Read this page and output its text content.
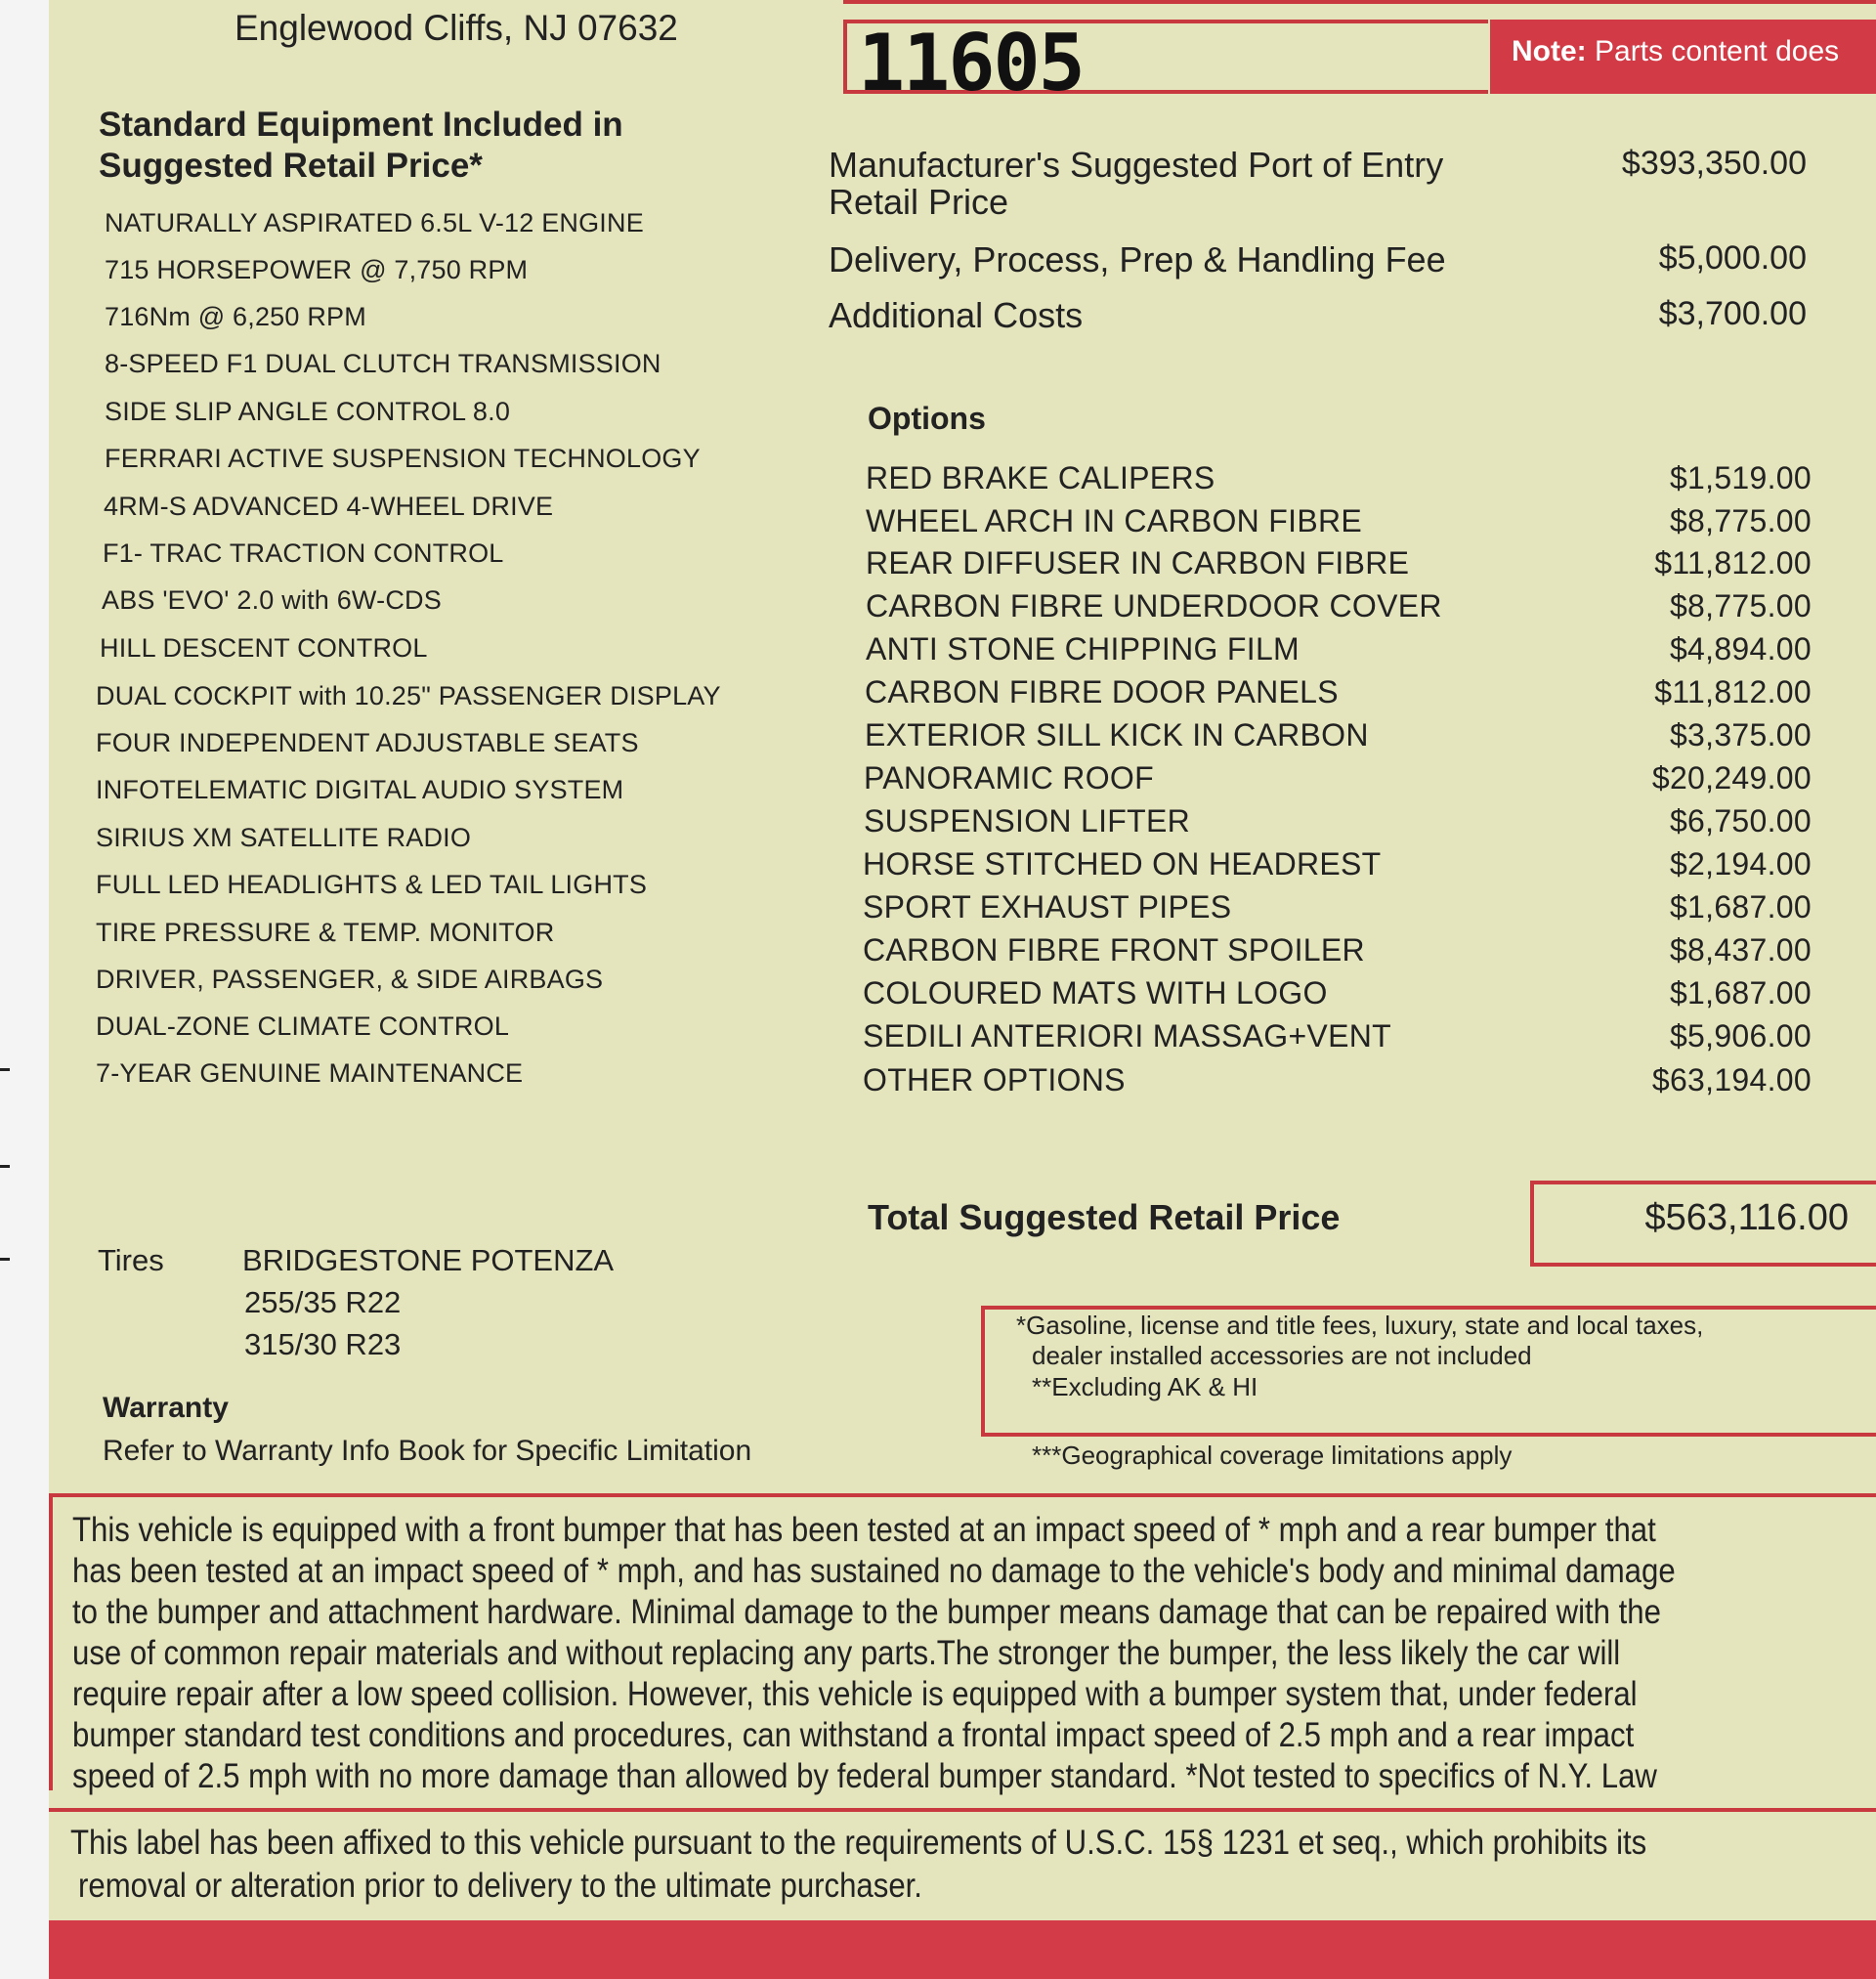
Englewood Cliffs, NJ 07632 11605	Note: Parts content does
Standard Equipment Included in
Suggested Retail Price*
NATURALLY ASPIRATED 6.5L V-12 ENGINE
715 HORSEPOWER @ 7,750 RPM
716Nm @ 6,250 RPM
8-SPEED F1 DUAL CLUTCH TRANSMISSION
SIDE SLIP ANGLE CONTROL 8.0
FERRARI ACTIVE SUSPENSION TECHNOLOGY
4RM-S ADVANCED 4-WHEEL DRIVE
F1- TRAC TRACTION CONTROL
ABS 'EVO' 2.0 with 6W-CDS
HILL DESCENT CONTROL
DUAL COCKPIT with 10.25" PASSENGER DISPLAY
FOUR INDEPENDENT ADJUSTABLE SEATS
INFOTELEMATIC DIGITAL AUDIO SYSTEM
SIRIUS XM SATELLITE RADIO
FULL LED HEADLIGHTS & LED TAIL LIGHTS
TIRE PRESSURE & TEMP. MONITOR
DRIVER, PASSENGER, & SIDE AIRBAGS
DUAL-ZONE CLIMATE CONTROL
7-YEAR GENUINE MAINTENANCE
Manufacturer's Suggested Port of Entry
Retail Price
$393,350.00
Delivery, Process, Prep & Handling Fee	$5,000.00
Additional Costs	$3,700.00
Options
RED BRAKE CALIPERS	$1,519.00
WHEEL ARCH IN CARBON FIBRE	$8,775.00
REAR DIFFUSER IN CARBON FIBRE	$11,812.00
CARBON FIBRE UNDERDOOR COVER	$8,775.00
ANTI STONE CHIPPING FILM	$4,894.00
CARBON FIBRE DOOR PANELS	$11,812.00
EXTERIOR SILL KICK IN CARBON	$3,375.00
PANORAMIC ROOF	$20,249.00
SUSPENSION LIFTER	$6,750.00
HORSE STITCHED ON HEADREST	$2,194.00
SPORT EXHAUST PIPES	$1,687.00
CARBON FIBRE FRONT SPOILER	$8,437.00
COLOURED MATS WITH LOGO	$1,687.00
SEDILI ANTERIORI MASSAG+VENT	$5,906.00
OTHER OPTIONS	$63,194.00
Total Suggested Retail Price	$563,116.00
Tires	BRIDGESTONE POTENZA
255/35 R22
315/30 R23
Warranty
Refer to Warranty Info Book for Specific Limitation
*Gasoline, license and title fees, luxury, state and local taxes,
dealer installed accessories are not included
**Excluding AK & HI
***Geographical coverage limitations apply
This vehicle is equipped with a front bumper that has been tested at an impact speed of * mph and a rear bumper that
has been tested at an impact speed of * mph, and has sustained no damage to the vehicle's body and minimal damage
to the bumper and attachment hardware. Minimal damage to the bumper means damage that can be repaired with the
use of common repair materials and without replacing any parts.The stronger the bumper, the less likely the car will
require repair after a low speed collision. However, this vehicle is equipped with a bumper system that, under federal
bumper standard test conditions and procedures, can withstand a frontal impact speed of 2.5 mph and a rear impact
speed of 2.5 mph with no more damage than allowed by federal bumper standard. *Not tested to specifics of N.Y. Law
This label has been affixed to this vehicle pursuant to the requirements of U.S.C. 15§ 1231 et seq., which prohibits its
removal or alteration prior to delivery to the ultimate purchaser.
